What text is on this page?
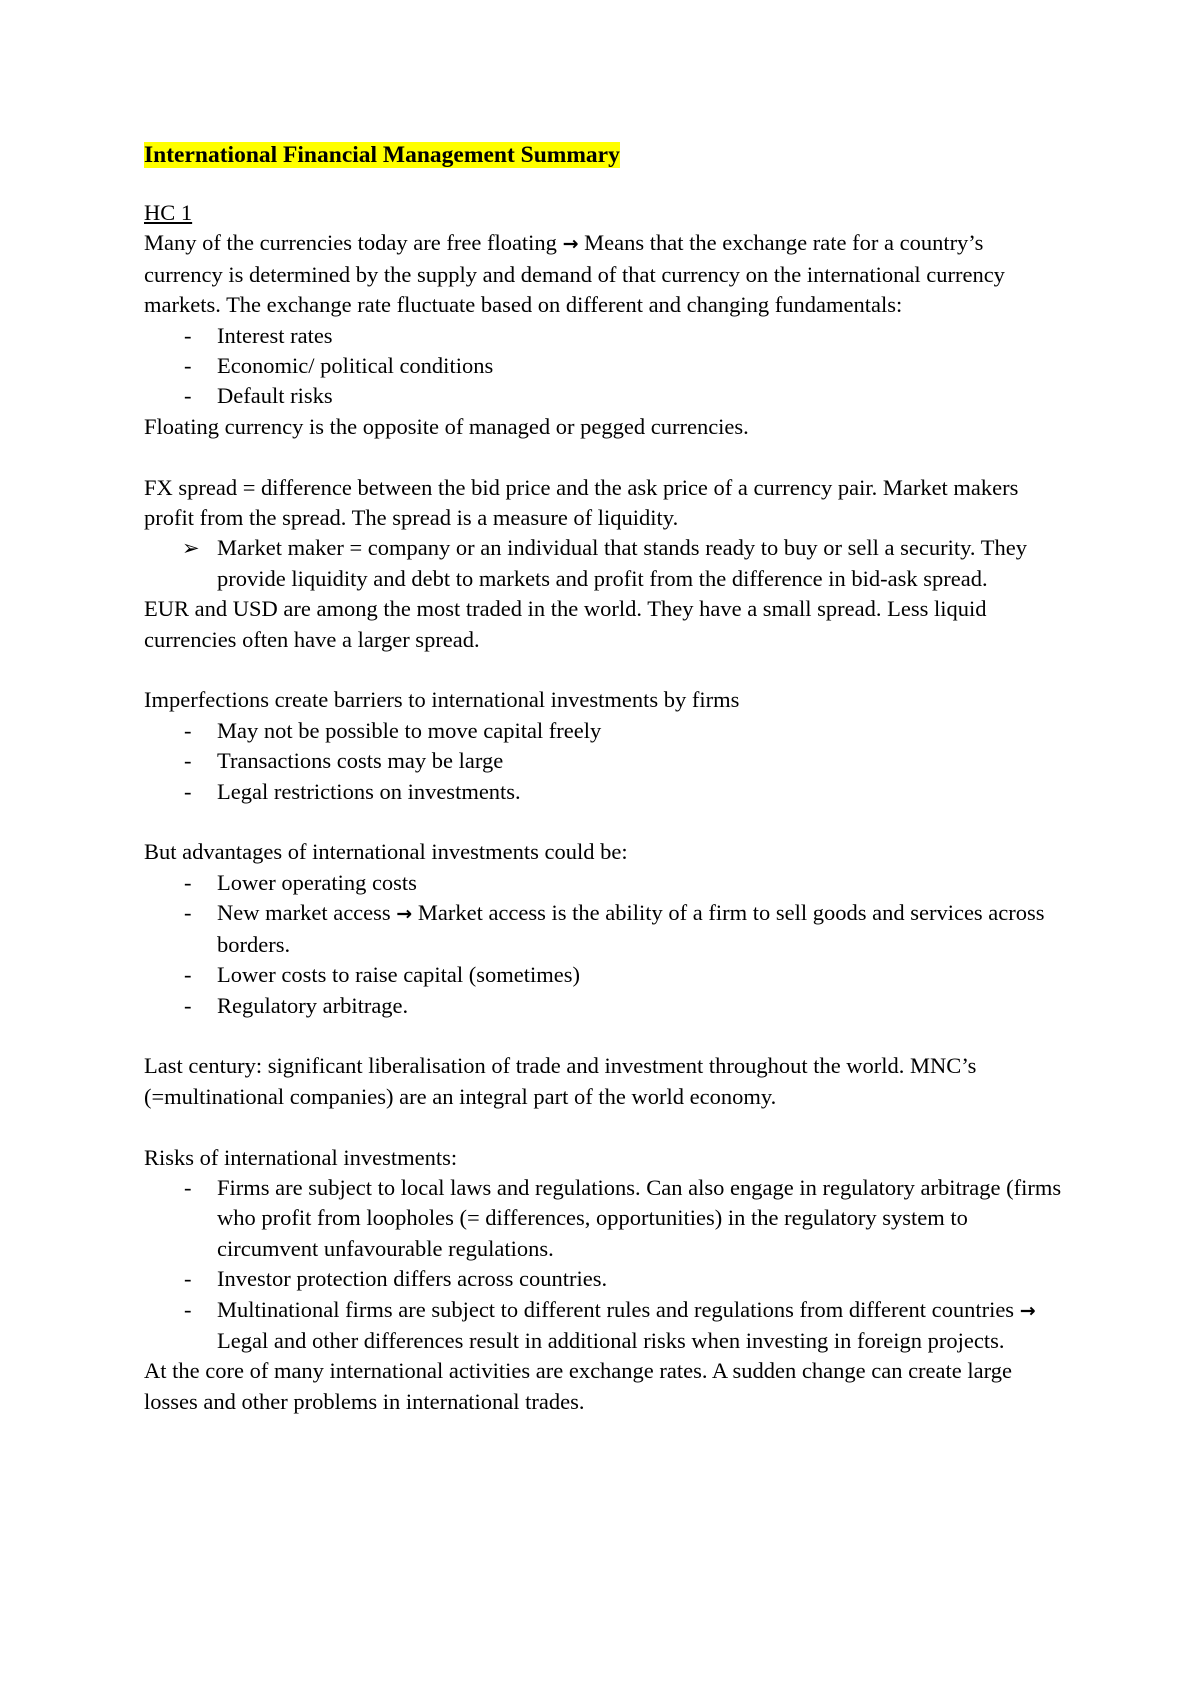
International Financial Management Summary

HC 1

Many of the currencies today are free floating → Means that the exchange rate for a country’s currency is determined by the supply and demand of that currency on the international currency markets. The exchange rate fluctuate based on different and changing fundamentals:

- Interest rates
- Economic/ political conditions
- Default risks

Floating currency is the opposite of managed or pegged currencies.

FX spread = difference between the bid price and the ask price of a currency pair. Market makers profit from the spread. The spread is a measure of liquidity.

➢ Market maker = company or an individual that stands ready to buy or sell a security. They provide liquidity and debt to markets and profit from the difference in bid-ask spread.

EUR and USD are among the most traded in the world. They have a small spread. Less liquid currencies often have a larger spread.

Imperfections create barriers to international investments by firms

- May not be possible to move capital freely
- Transactions costs may be large
- Legal restrictions on investments.

But advantages of international investments could be:

- Lower operating costs
- New market access → Market access is the ability of a firm to sell goods and services across borders.
- Lower costs to raise capital (sometimes)
- Regulatory arbitrage.

Last century: significant liberalisation of trade and investment throughout the world. MNC’s (=multinational companies) are an integral part of the world economy.

Risks of international investments:

- Firms are subject to local laws and regulations. Can also engage in regulatory arbitrage (firms who profit from loopholes (= differences, opportunities) in the regulatory system to circumvent unfavourable regulations.
- Investor protection differs across countries.
- Multinational firms are subject to different rules and regulations from different countries → Legal and other differences result in additional risks when investing in foreign projects.

At the core of many international activities are exchange rates. A sudden change can create large losses and other problems in international trades.
